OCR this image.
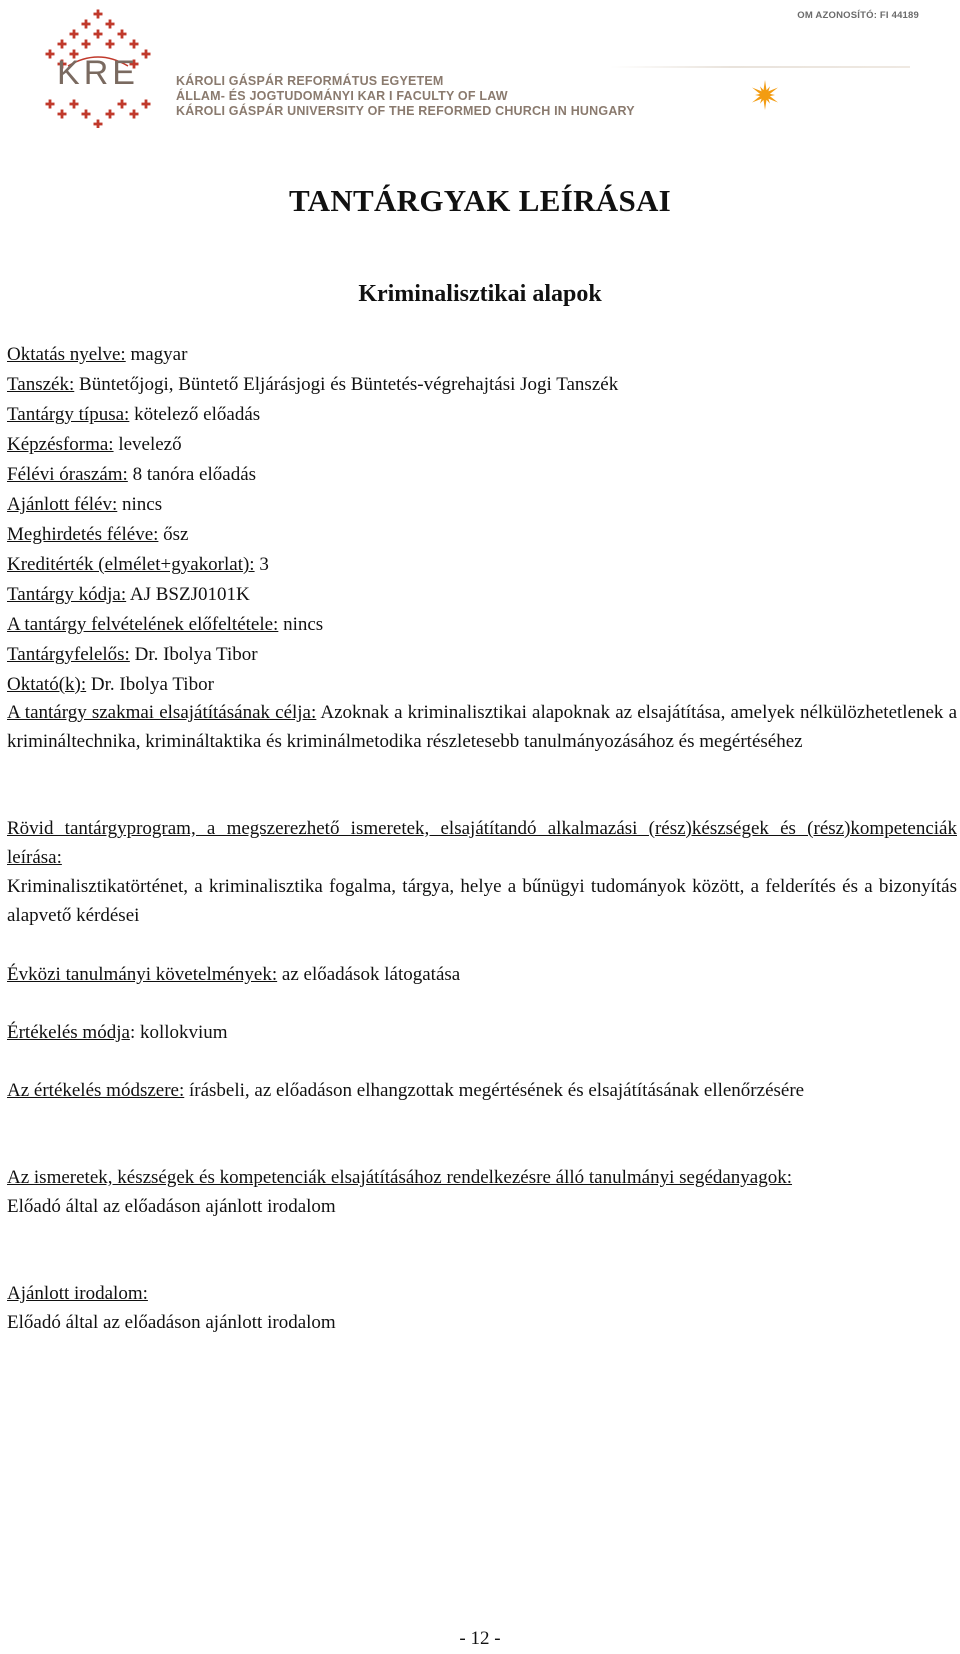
KRE
OM AZONOSÍTÓ: FI 44189
KÁROLI GÁSPÁR REFORMÁTUS EGYETEM
ÁLLAM- ÉS JOGTUDOMÁNYI KAR I FACULTY OF LAW
KÁROLI GÁSPÁR UNIVERSITY OF THE REFORMED CHURCH IN HUNGARY
TANTÁRGYAK LEÍRÁSAI
Kriminalisztikai alapok
Oktatás nyelve: magyar
Tanszék: Büntetőjogi, Büntető Eljárásjogi és Büntetés-végrehajtási Jogi Tanszék
Tantárgy típusa: kötelező előadás
Képzésforma: levelező
Félévi óraszám: 8 tanóra előadás
Ajánlott félév: nincs
Meghirdetés féléve: ősz
Kreditérték (elmélet+gyakorlat): 3
Tantárgy kódja: AJ BSZJ0101K
A tantárgy felvételének előfeltétele: nincs
Tantárgyfelelős: Dr. Ibolya Tibor
Oktató(k): Dr. Ibolya Tibor
A tantárgy szakmai elsajátításának célja: Azoknak a kriminalisztikai alapoknak az elsajátítása, amelyek nélkülözhetetlenek a krimináltechnika, krimináltaktika és kriminálmetodika részletesebb tanulmányozásához és megértéséhez
Rövid tantárgyprogram, a megszerezhető ismeretek, elsajátítandó alkalmazási (rész)készségek és (rész)kompetenciák leírása:
Kriminalisztikatörténet, a kriminalisztika fogalma, tárgya, helye a bűnügyi tudományok között, a felderítés és a bizonyítás alapvető kérdései
Évközi tanulmányi követelmények: az előadások látogatása
Értékelés módja: kollokvium
Az értékelés módszere: írásbeli, az előadáson elhangzottak megértésének és elsajátításának ellenőrzésére
Az ismeretek, készségek és kompetenciák elsajátításához rendelkezésre álló tanulmányi segédanyagok:
Előadó által az előadáson ajánlott irodalom
Ajánlott irodalom:
Előadó által az előadáson ajánlott irodalom
- 12 -
